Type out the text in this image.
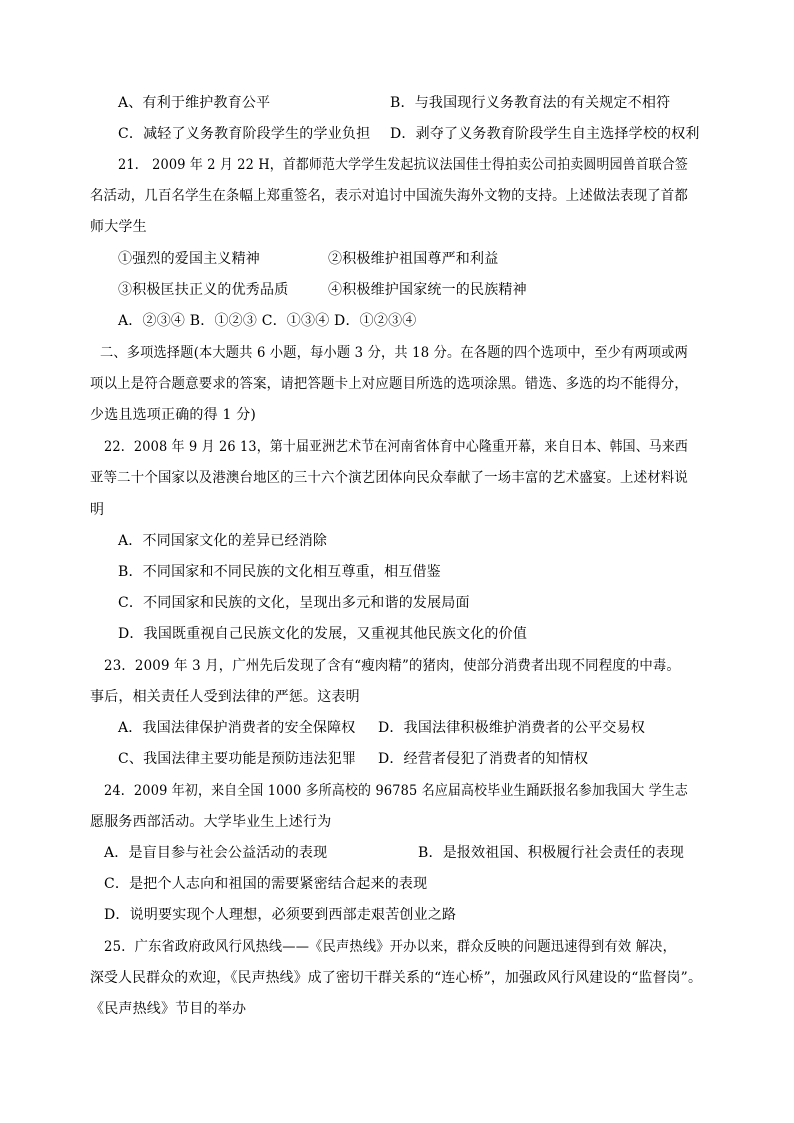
A、有利于维护教育公平	B．与我国现行义务教育法的有关规定不相符
C．减轻了义务教育阶段学生的学业负担 D．剥夺了义务教育阶段学生自主选择学校的权利
21． 2009 年 2 月 22 H，首都师范大学学生发起抗议法国佳士得拍卖公司拍卖圆明园兽首联合签
名活动，几百名学生在条幅上郑重签名，表示对追讨中国流失海外文物的支持。上述做法表现了首都
师大学生
①强烈的爱国主义精神	②积极维护祖国尊严和利益
③积极匡扶正义的优秀品质	④积极维护国家统一的民族精神
A．②③④ B．①②③ C．①③④ D．①②③④
二、多项选择题(本大题共 6 小题，每小题 3 分，共 18 分。在各题的四个选项中，至少有两项或两
项以上是符合题意要求的答案，请把答题卡上对应题目所选的选项涂黑。错选、多选的均不能得分，
少选且选项正确的得 1 分)
22．2008 年 9 月 26 13，第十届亚洲艺术节在河南省体育中心隆重开幕，来自日本、韩国、马来西
亚等二十个国家以及港澳台地区的三十六个演艺团体向民众奉献了一场丰富的艺术盛宴。上述材料说
明
A．不同国家文化的差异已经消除
B．不同国家和不同民族的文化相互尊重，相互借鉴
C．不同国家和民族的文化，呈现出多元和谐的发展局面
D．我国既重视自己民族文化的发展，又重视其他民族文化的价值
23．2009 年 3 月，广州先后发现了含有“瘦肉精”的猪肉，使部分消费者出现不同程度的中毒。
事后，相关责任人受到法律的严惩。这表明
A．我国法律保护消费者的安全保障权 D．我国法律积极维护消费者的公平交易权
C、我国法律主要功能是预防违法犯罪 D．经营者侵犯了消费者的知情权
24．2009 年初，来自全国 1000 多所高校的 96785 名应届高校毕业生踊跃报名参加我国大 学生志
愿服务西部活动。大学毕业生上述行为
A．是盲目参与社会公益活动的表现	B．是报效祖国、积极履行社会责任的表现
C．是把个人志向和祖国的需要紧密结合起来的表现
D．说明要实现个人理想，必须要到西部走艰苦创业之路
25．广东省政府政风行风热线——《民声热线》开办以来，群众反映的问题迅速得到有效 解决，
深受人民群众的欢迎，《民声热线》成了密切干群关系的“连心桥”，加强政风行风建设的“监督岗”。
《民声热线》节目的举办
